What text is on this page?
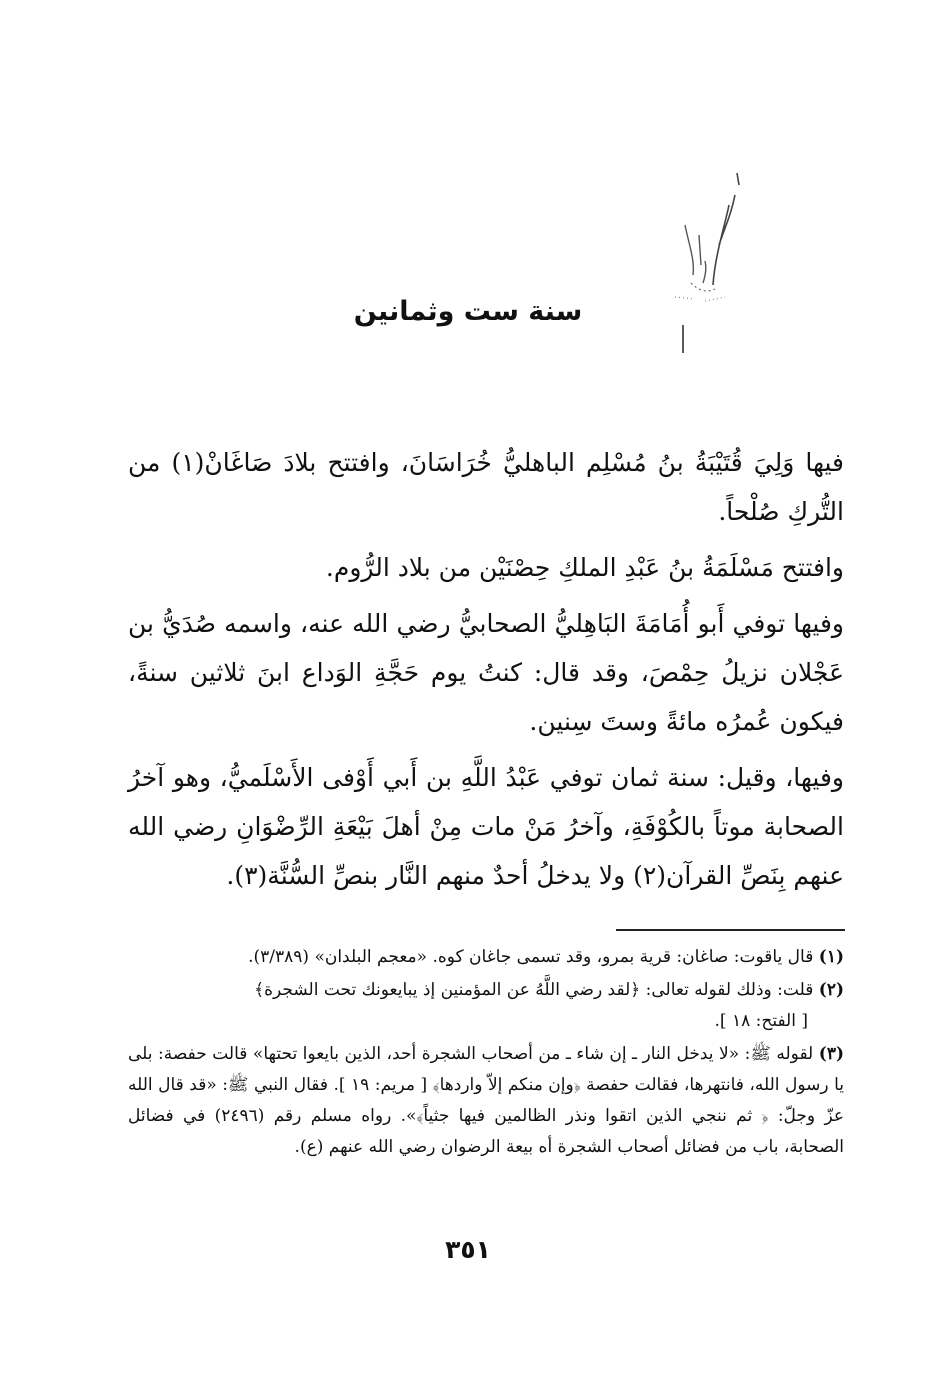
سنة ست وثمانين

فيها وَلِيَ قُتَيْبَةُ بنُ مُسْلِم الباهليُّ خُرَاسَانَ، وافتتح بلادَ صَاغَانْ(١) من التُّركِ صُلْحاً.

وافتتح مَسْلَمَةُ بنُ عَبْدِ الملكِ حِصْنَيْن من بلاد الرُّوم.

وفيها توفي أَبو أُمَامَةَ البَاهِليُّ الصحابيُّ رضي الله عنه، واسمه صُدَيُّ بن عَجْلان نزيلُ حِمْصَ، وقد قال: كنتُ يوم حَجَّةِ الوَداع ابنَ ثلاثين سنةً، فيكون عُمرُه مائةً وستَ سِنين.

وفيها، وقيل: سنة ثمان توفي عَبْدُ اللَّهِ بن أَبي أَوْفى الأَسْلَميُّ، وهو آخرُ الصحابة موتاً بالكُوْفَةِ، وآخرُ مَنْ مات مِنْ أهلَ بَيْعَةِ الرِّضْوَانِ رضي الله عنهم بِنَصِّ القرآن(٢) ولا يدخلُ أحدٌ منهم النَّار بنصِّ السُّنَّة(٣).

(١) قال ياقوت: صاغان: قرية بمرو، وقد تسمى جاغان كوه. «معجم البلدان» (٣/٣٨٩).

(٢) قلت: وذلك لقوله تعالى: ﴿لقد رضي اللَّهُ عن المؤمنين إذ يبايعونك تحت الشجرة﴾
[ الفتح: ١٨ ].

(٣) لقوله ﷺ: «لا يدخل النار ـ إن شاء ـ من أصحاب الشجرة أحد، الذين بايعوا تحتها» قالت حفصة: بلى يا رسول الله، فانتهرها، فقالت حفصة ﴿وإن منكم إلاّ واردها﴾ [ مريم: ١٩ ]. فقال النبي ﷺ: «قد قال الله عزّ وجلّ: ﴿ ثم ننجي الذين اتقوا ونذر الظالمين فيها جثياً﴾». رواه مسلم رقم (٢٤٩٦) في فضائل الصحابة، باب من فضائل أصحاب الشجرة أه بيعة الرضوان رضي الله عنهم (ع).

٣٥١
